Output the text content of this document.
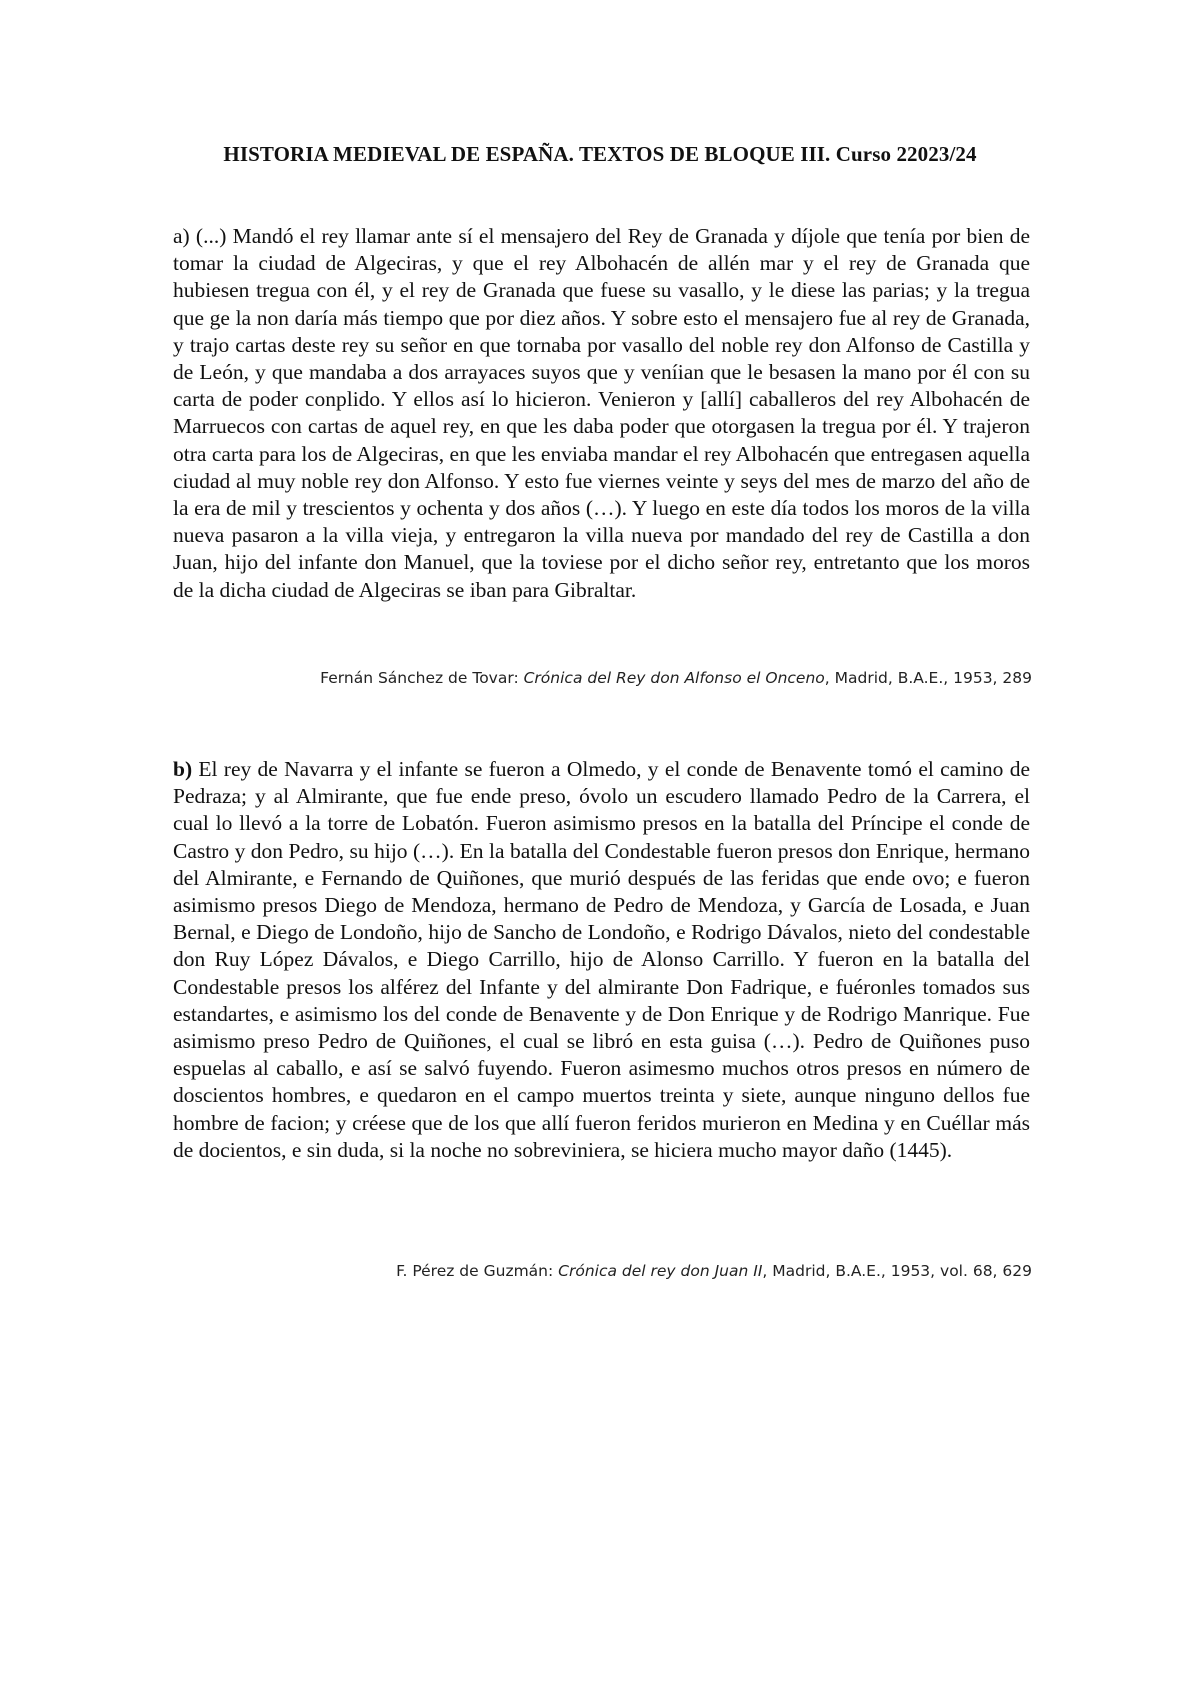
HISTORIA MEDIEVAL DE ESPAÑA. TEXTOS DE BLOQUE III. Curso 22023/24
a) (...) Mandó el rey llamar ante sí el mensajero del Rey de Granada y díjole que tenía por bien de tomar la ciudad de Algeciras, y que el rey Albohacén de allén mar y el rey de Granada que hubiesen tregua con él, y el rey de Granada que fuese su vasallo, y le diese las parias; y la tregua que ge la non daría más tiempo que por diez años. Y sobre esto el mensajero fue al rey de Granada, y trajo cartas deste rey su señor en que tornaba por vasallo del noble rey don Alfonso de Castilla y de León, y que mandaba a dos arrayaces suyos que y veníian que le besasen la mano por él con su carta de poder conplido. Y ellos así lo hicieron. Venieron y [allí] caballeros del rey Albohacén de Marruecos con cartas de aquel rey, en que les daba poder que otorgasen la tregua por él. Y trajeron otra carta para los de Algeciras, en que les enviaba mandar el rey Albohacén que entregasen aquella ciudad al muy noble rey don Alfonso. Y esto fue viernes veinte y seys del mes de marzo del año de la era de mil y trescientos y ochenta y dos años (…). Y luego en este día todos los moros de la villa nueva pasaron a la villa vieja, y entregaron la villa nueva por mandado del rey de Castilla a don Juan, hijo del infante don Manuel, que la toviese por el dicho señor rey, entretanto que los moros de la dicha ciudad de Algeciras se iban para Gibraltar.
Fernán Sánchez de Tovar: Crónica del Rey don Alfonso el Onceno, Madrid, B.A.E., 1953, 289
b) El rey de Navarra y el infante se fueron a Olmedo, y el conde de Benavente tomó el camino de Pedraza; y al Almirante, que fue ende preso, óvolo un escudero llamado Pedro de la Carrera, el cual lo llevó a la torre de Lobatón. Fueron asimismo presos en la batalla del Príncipe el conde de Castro y don Pedro, su hijo (…). En la batalla del Condestable fueron presos don Enrique, hermano del Almirante, e Fernando de Quiñones, que murió después de las feridas que ende ovo; e fueron asimismo presos Diego de Mendoza, hermano de Pedro de Mendoza, y García de Losada, e Juan Bernal, e Diego de Londoño, hijo de Sancho de Londoño, e Rodrigo Dávalos, nieto del condestable don Ruy López Dávalos, e Diego Carrillo, hijo de Alonso Carrillo. Y fueron en la batalla del Condestable presos los alférez del Infante y del almirante Don Fadrique, e fuéronles tomados sus estandartes, e asimismo los del conde de Benavente y de Don Enrique y de Rodrigo Manrique. Fue asimismo preso Pedro de Quiñones, el cual se libró en esta guisa (…). Pedro de Quiñones puso espuelas al caballo, e así se salvó fuyendo. Fueron asimesmo muchos otros presos en número de doscientos hombres, e quedaron en el campo muertos treinta y siete, aunque ninguno dellos fue hombre de facion; y créese que de los que allí fueron feridos murieron en Medina y en Cuéllar más de docientos, e sin duda, si la noche no sobreviniera, se hiciera mucho mayor daño (1445).
F. Pérez de Guzmán: Crónica del rey don Juan II, Madrid, B.A.E., 1953, vol. 68, 629
